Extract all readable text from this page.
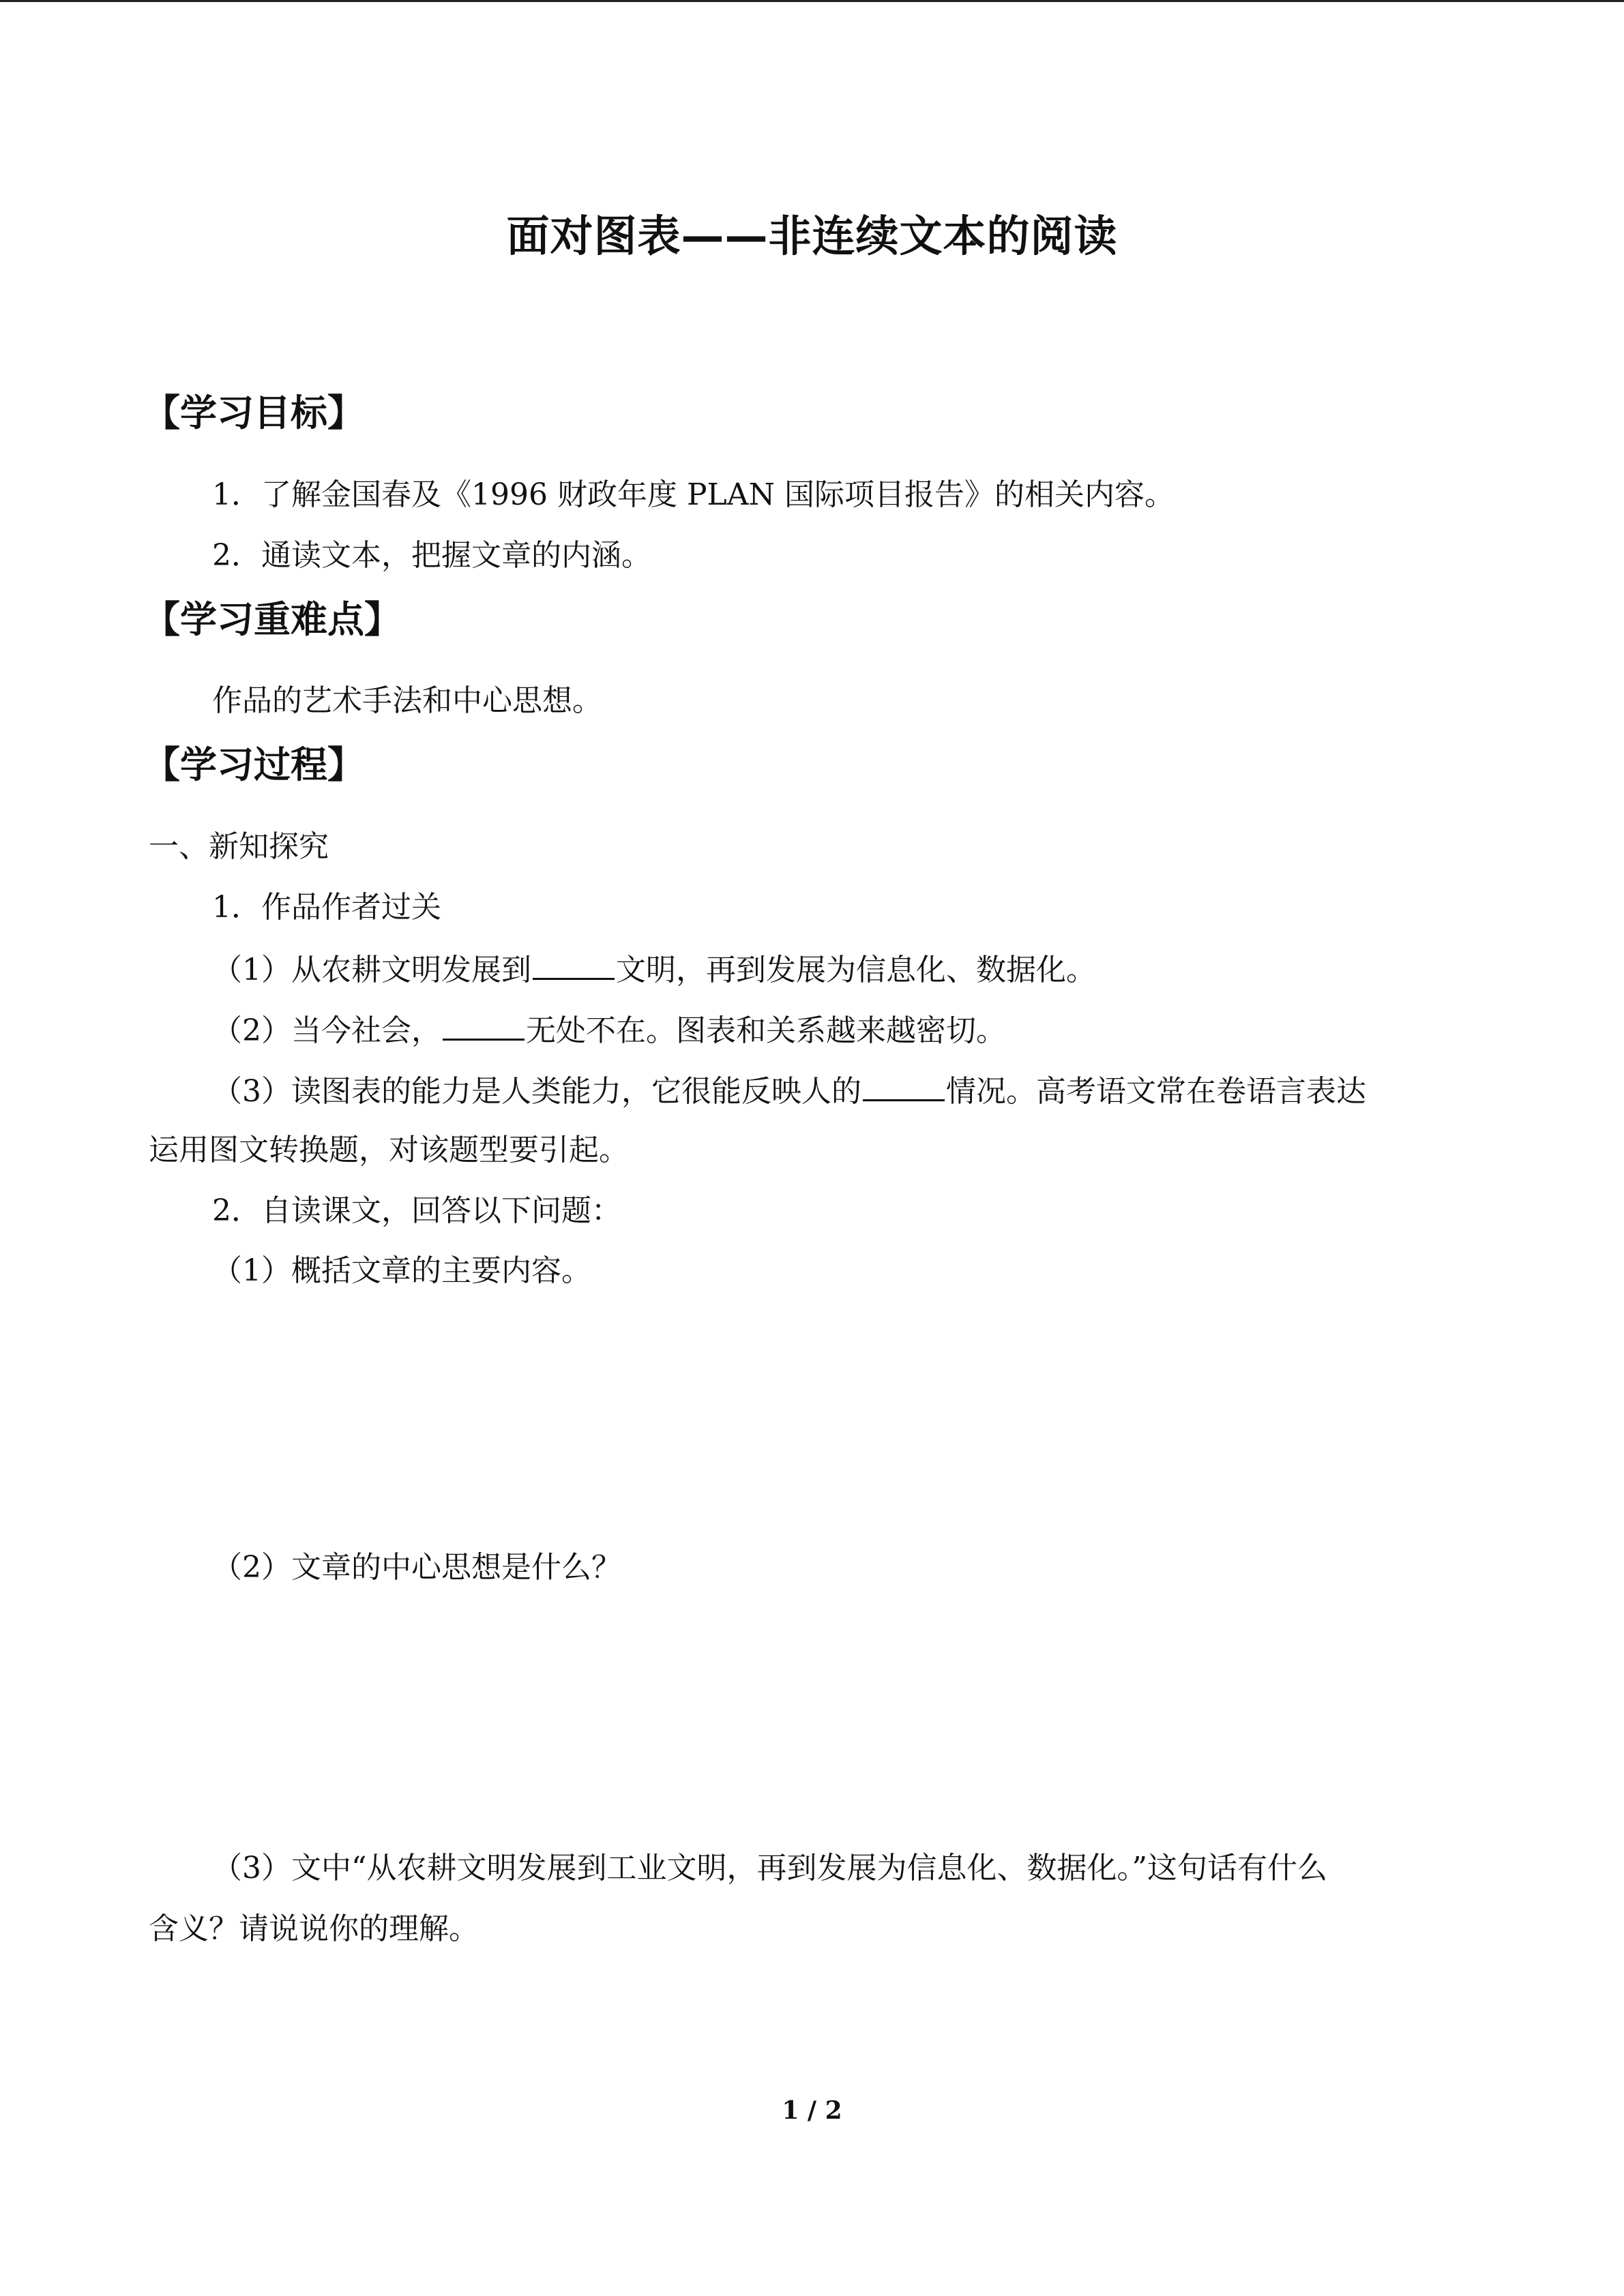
面对图表——非连续文本的阅读
【学习目标】
1．了解金国春及《1996 财政年度 PLAN 国际项目报告》的相关内容。
2．通读文本，把握文章的内涵。
【学习重难点】
作品的艺术手法和中心思想。
【学习过程】
一、新知探究
1．作品作者过关
（1）从农耕文明发展到	文明，再到发展为信息化、数据化。
（2）当今社会，	无处不在。图表和关系越来越密切。
（3）读图表的能力是人类能力，它很能反映人的	情况。高考语文常在卷语言表达
运用图文转换题，对该题型要引起。
2．自读课文，回答以下问题：
（1）概括文章的主要内容。
（2）文章的中心思想是什么？
（3）文中“从农耕文明发展到工业文明，再到发展为信息化、数据化。”这句话有什么
含义？请说说你的理解。
1 / 2
